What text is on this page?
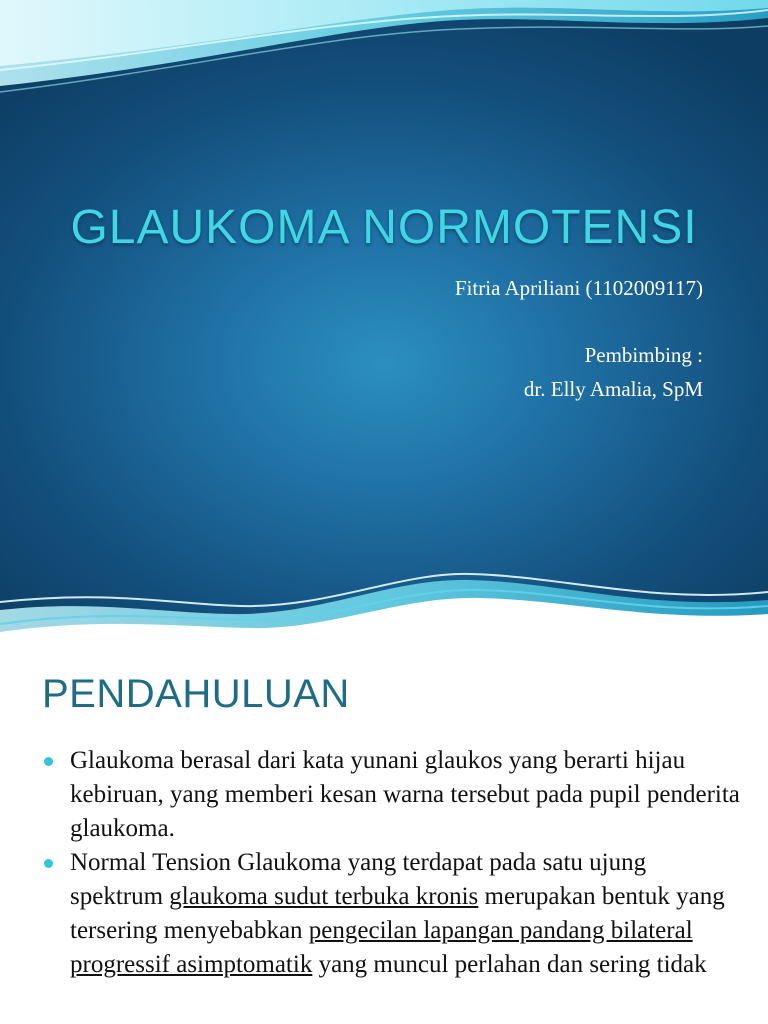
GLAUKOMA NORMOTENSI
Fitria Apriliani (1102009117)
Pembimbing :
dr. Elly Amalia, SpM
PENDAHULUAN
Glaukoma berasal dari kata yunani glaukos yang berarti hijau kebiruan, yang memberi kesan warna tersebut pada pupil penderita glaukoma.
Normal Tension Glaukoma yang terdapat pada satu ujung spektrum glaukoma sudut terbuka kronis merupakan bentuk yang tersering menyebabkan pengecilan lapangan pandang bilateral progressif asimptomatik yang muncul perlahan dan sering tidak
